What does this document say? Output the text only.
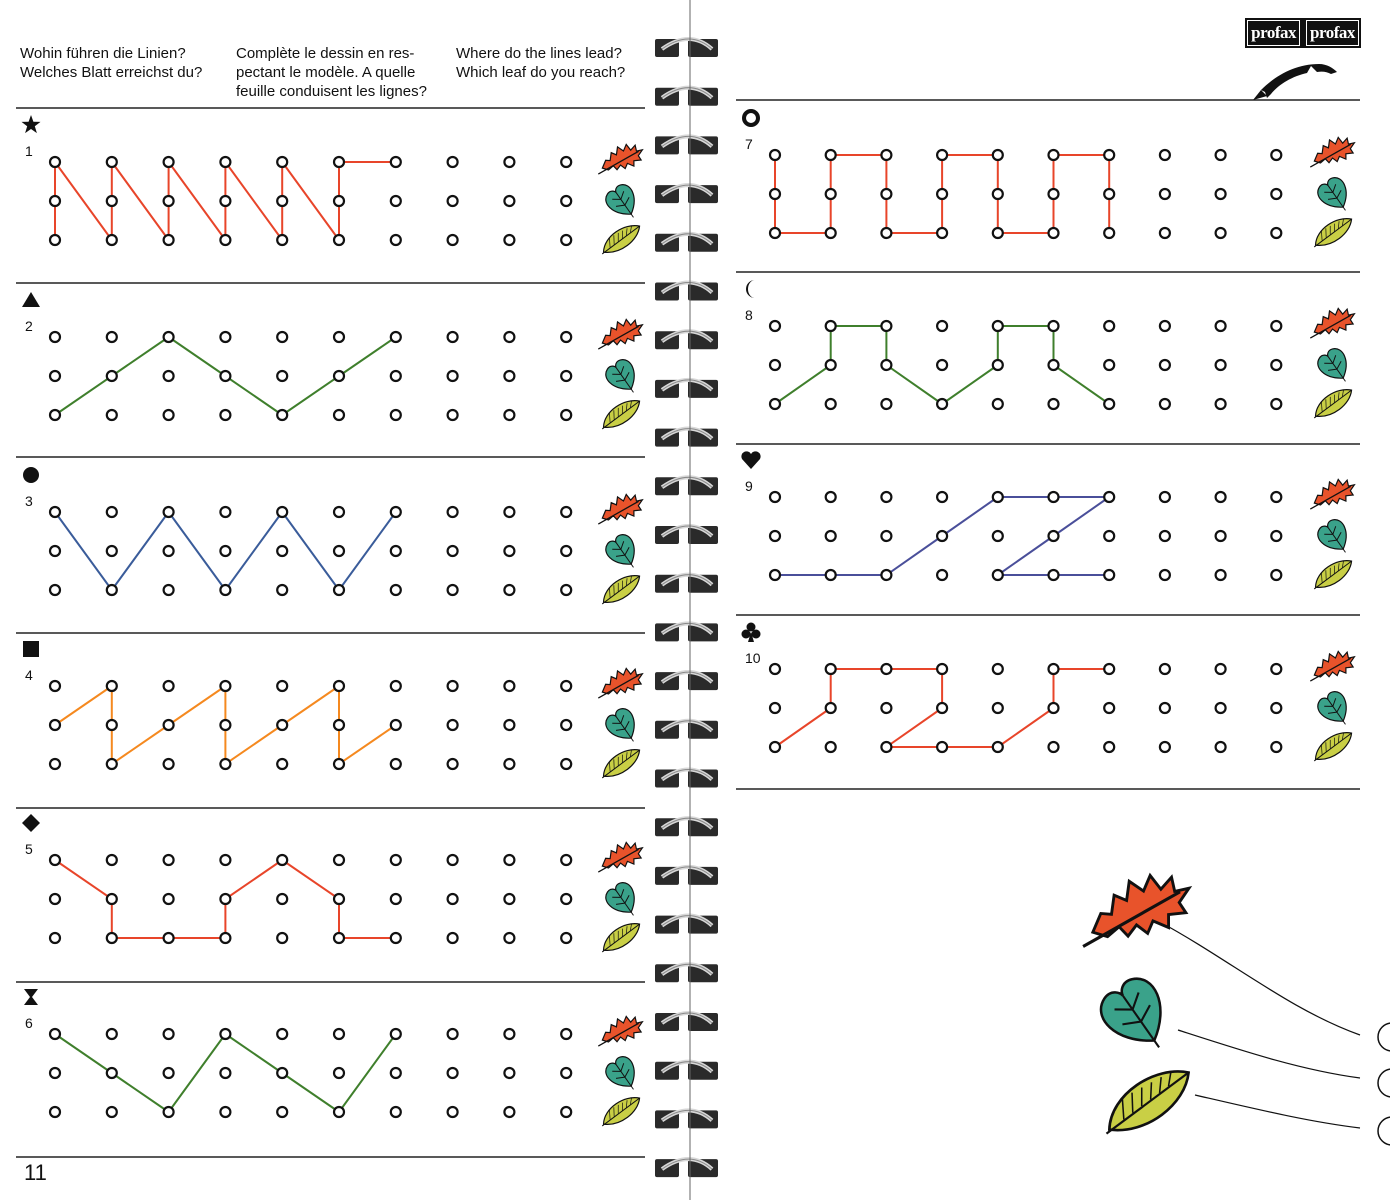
Wohin führen die Linien?
Welches Blatt erreichst du?
Complète le dessin en res-
pectant le modèle. A quelle
feuille conduisent les lignes?
Where do the lines lead?
Which leaf do you reach?
profax profax
11
1
2
3
4
5
6
7
8
9
10
